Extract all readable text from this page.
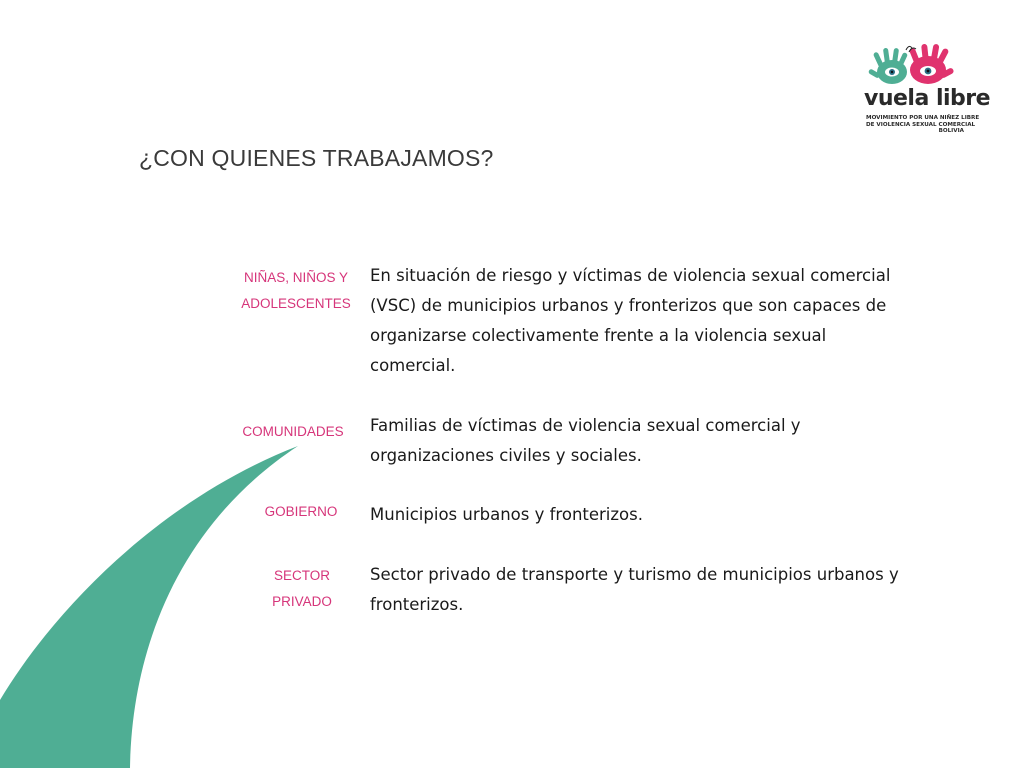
vuela libre
MOVIMIENTO POR UNA NIÑEZ LIBRE
DE VIOLENCIA SEXUAL COMERCIAL
BOLIVIA
¿CON QUIENES TRABAJAMOS?
NIÑAS, NIÑOS Y
ADOLESCENTES
En situación de riesgo y víctimas de violencia sexual comercial (VSC) de municipios urbanos y fronterizos que son capaces de organizarse colectivamente frente a la violencia sexual comercial.
COMUNIDADES	Familias de víctimas de violencia sexual comercial y organizaciones civiles y sociales.
GOBIERNO	Municipios urbanos y fronterizos.
SECTOR
PRIVADO
Sector privado de transporte y turismo de municipios urbanos y fronterizos.
